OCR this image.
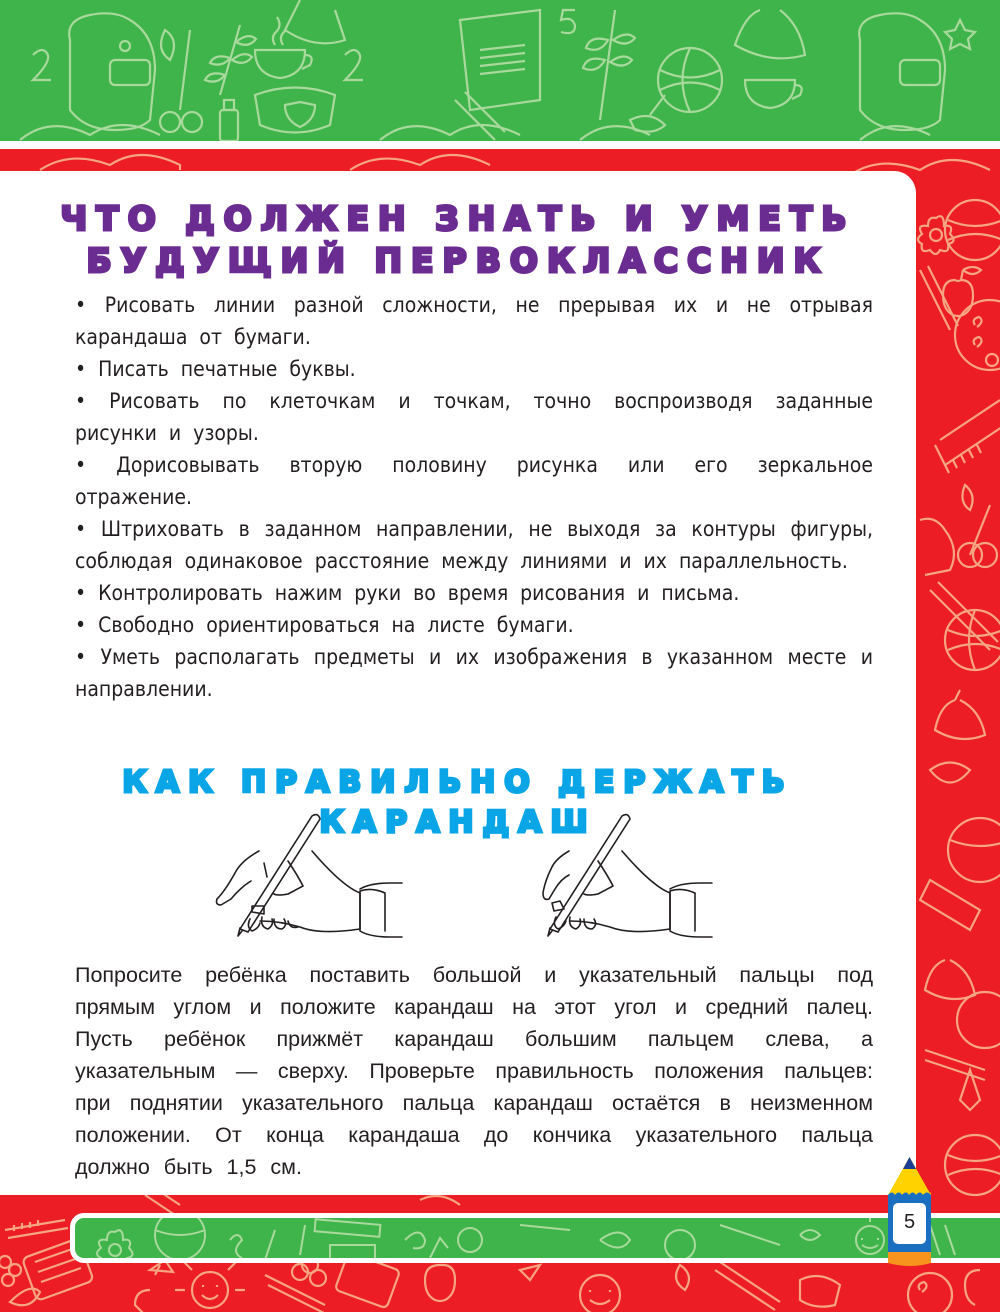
ЧТО ДОЛЖЕН ЗНАТЬ И УМЕТЬ
БУДУЩИЙ ПЕРВОКЛАССНИК
• Рисовать линии разной сложности, не прерывая их и не отрывая карандаша от бумаги.
• Писать печатные буквы.
• Рисовать по клеточкам и точкам, точно воспроизводя заданные рисунки и узоры.
• Дорисовывать вторую половину рисунка или его зеркальное отражение.
• Штриховать в заданном направлении, не выходя за контуры фигуры, соблюдая одинаковое расстояние между линиями и их параллельность.
• Контролировать нажим руки во время рисования и письма.
• Свободно ориентироваться на листе бумаги.
• Уметь располагать предметы и их изображения в указанном месте и направлении.
КАК ПРАВИЛЬНО ДЕРЖАТЬ КАРАНДАШ
Попросите ребёнка поставить большой и указательный пальцы под прямым углом и положите карандаш на этот угол и средний палец. Пусть ребёнок прижмёт карандаш большим пальцем слева, а указательным — сверху. Проверьте правильность положения пальцев: при поднятии указательного пальца карандаш остаётся в неизменном положении. От конца карандаша до кончика указательного пальца должно быть 1,5 см.
5
